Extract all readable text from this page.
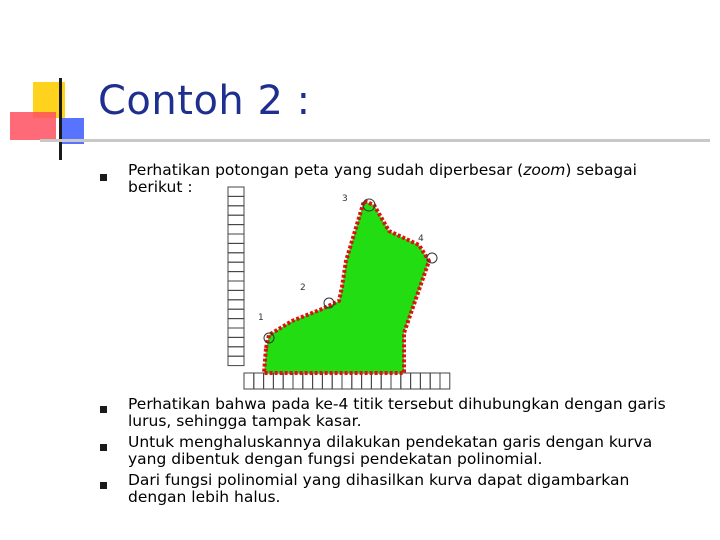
Contoh 2 :
Perhatikan potongan peta yang sudah diperbesar (zoom) sebagai
berikut :
1
2
3
4
Perhatikan bahwa pada ke-4 titik tersebut dihubungkan dengan garis
lurus, sehingga tampak kasar.
Untuk menghaluskannya dilakukan pendekatan garis dengan kurva
yang dibentuk dengan fungsi pendekatan polinomial.
Dari fungsi polinomial yang dihasilkan kurva dapat digambarkan
dengan lebih halus.
